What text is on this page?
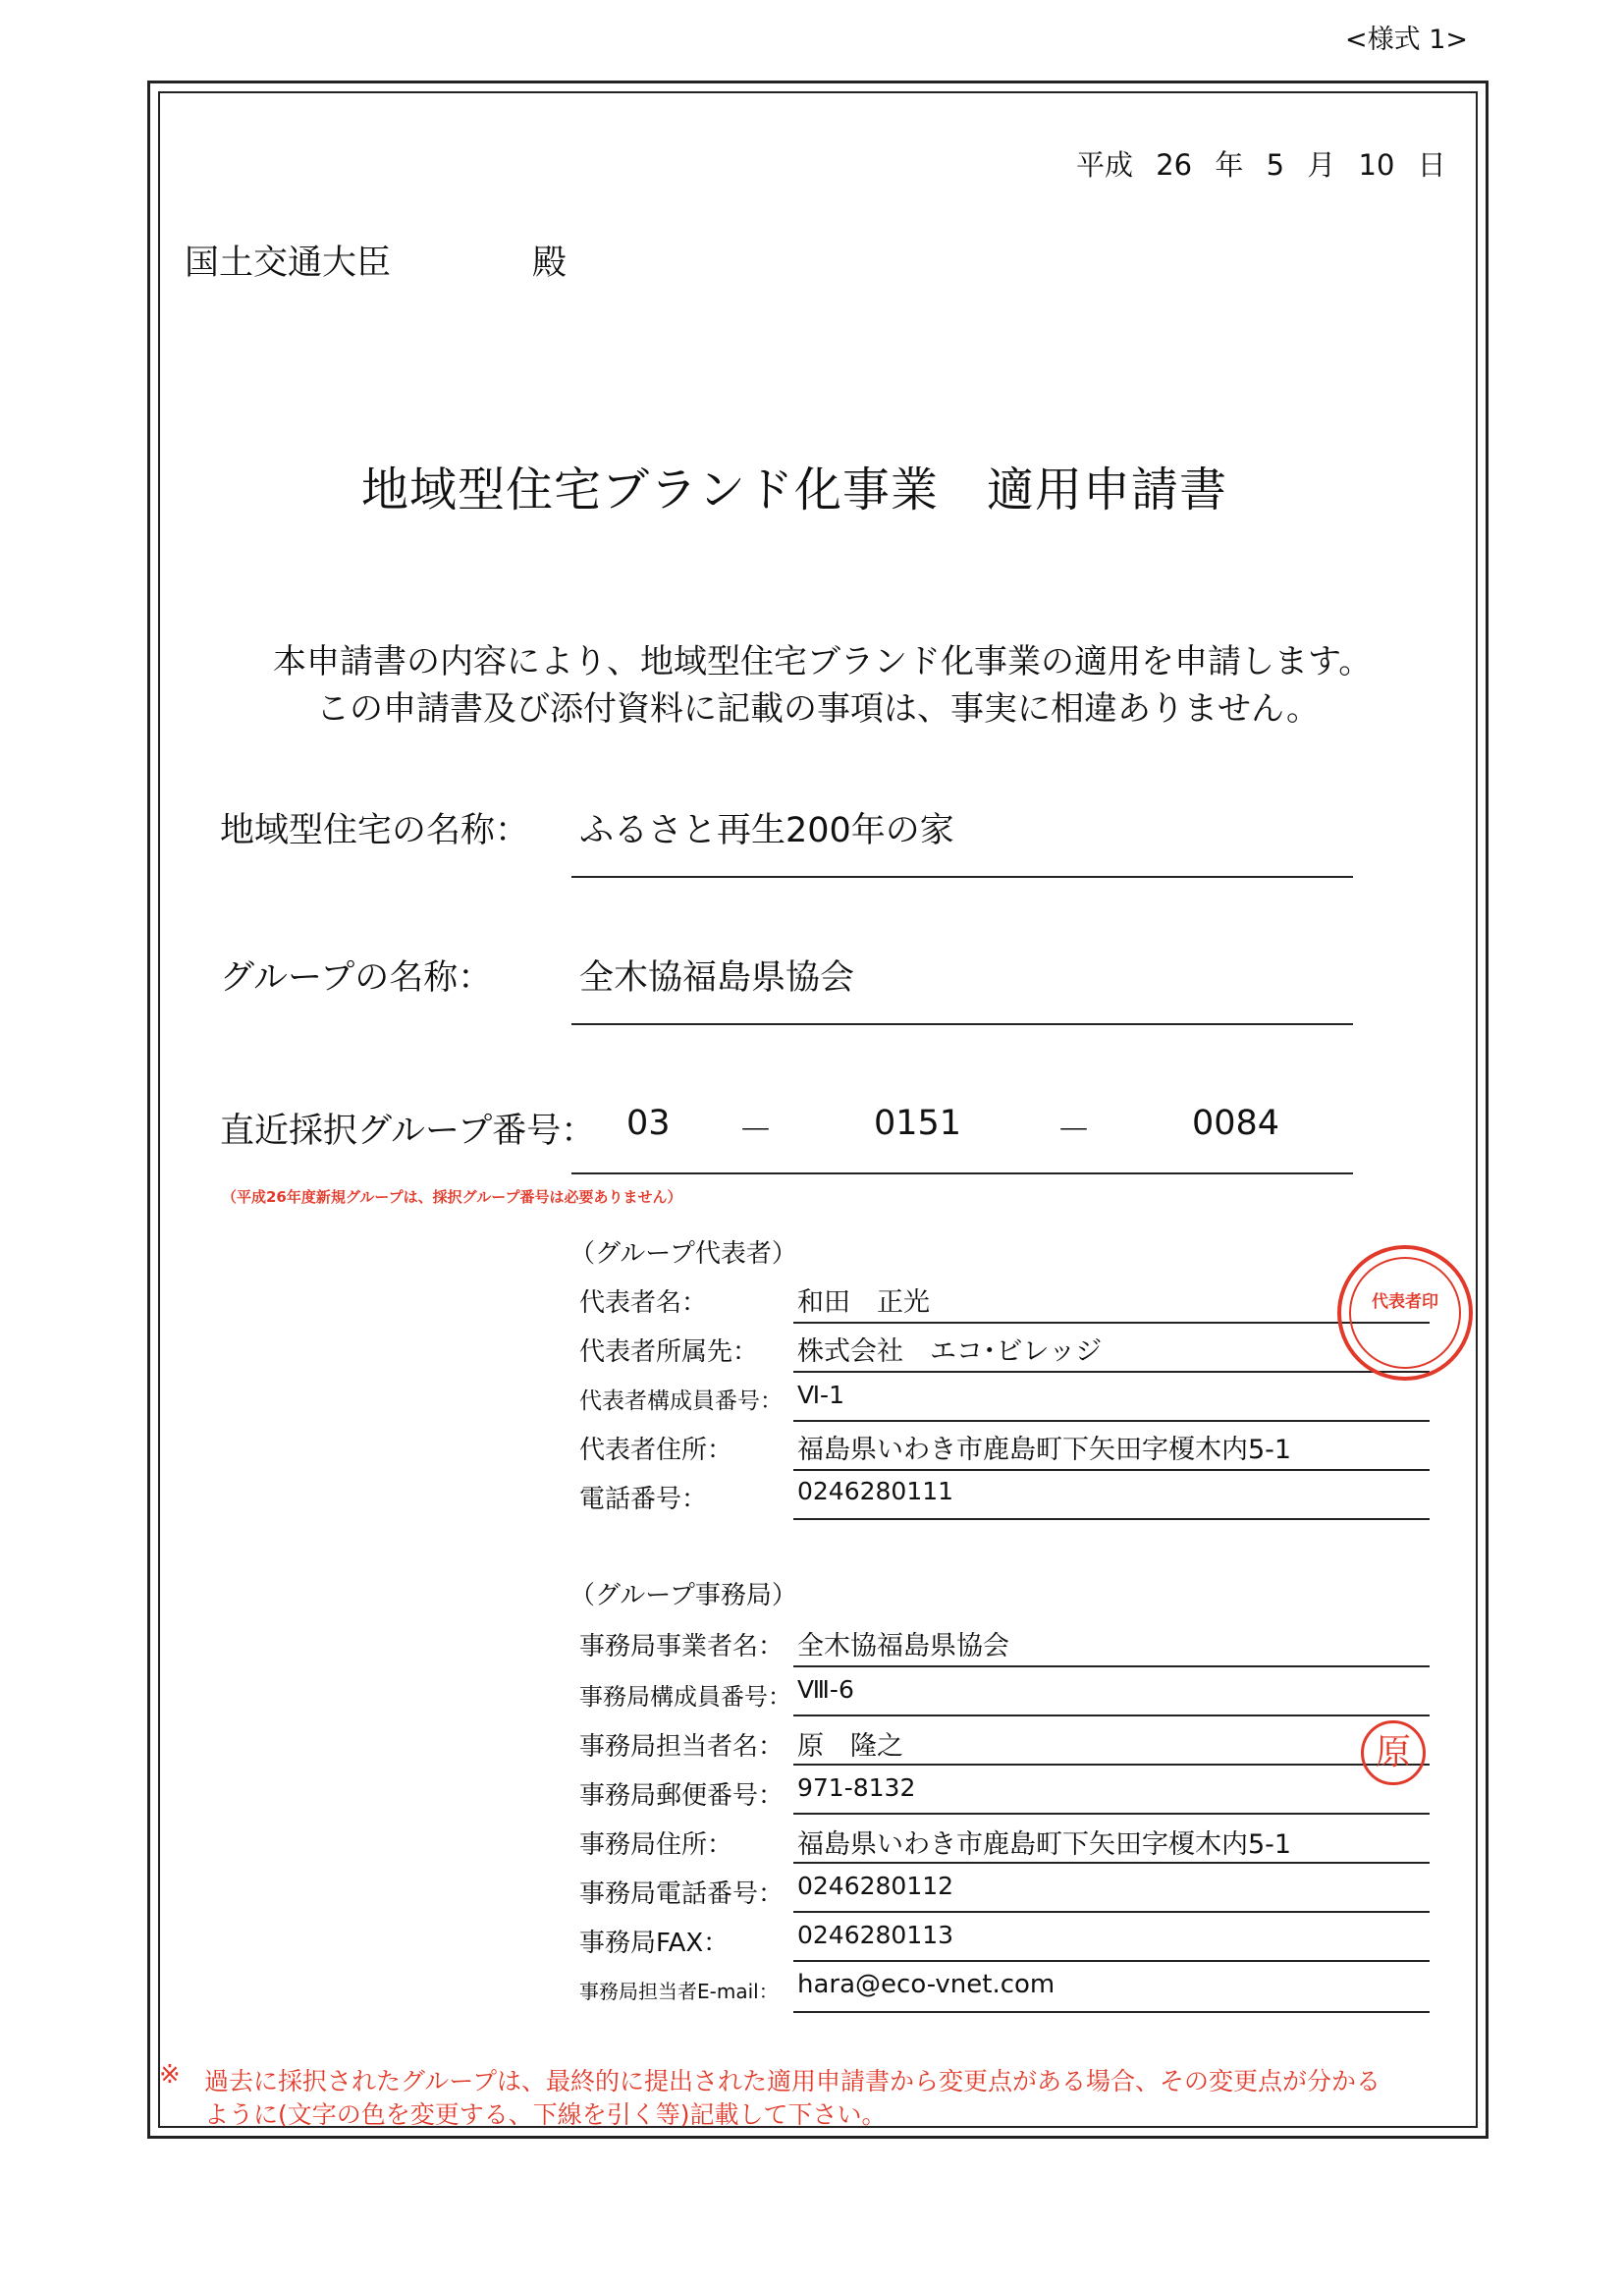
<様式 1>
平成 26 年 5 月 10 日
国土交通大臣	殿
地域型住宅ブランド化事業　適用申請書
本申請書の内容により、地域型住宅ブランド化事業の適用を申請します。
この申請書及び添付資料に記載の事項は、事実に相違ありません。
地域型住宅の名称： ふるさと再生200年の家
グループの名称：	全木協福島県協会
直近採択グループ番号： 03 －	0151	－	0084
（平成26年度新規グループは、採択グループ番号は必要ありません）
（グループ代表者）
代表者名：	和田　正光
代表者所属先： 株式会社　エコ･ビレッジ
代表者構成員番号： Ⅵ-1
代表者住所： 福島県いわき市鹿島町下矢田字榎木内5-1
電話番号：	0246280111
代表者印
（グループ事務局）
事務局事業者名： 全木協福島県協会
事務局構成員番号： Ⅷ-6
事務局担当者名： 原　隆之
事務局郵便番号： 971-8132
事務局住所： 福島県いわき市鹿島町下矢田字榎木内5-1
事務局電話番号： 0246280112
事務局FAX：	0246280113
事務局担当者E-mail： hara@eco-vnet.com
原
※ 過去に採択されたグループは、最終的に提出された適用申請書から変更点がある場合、その変更点が分かる
ように(文字の色を変更する、下線を引く等)記載して下さい。
